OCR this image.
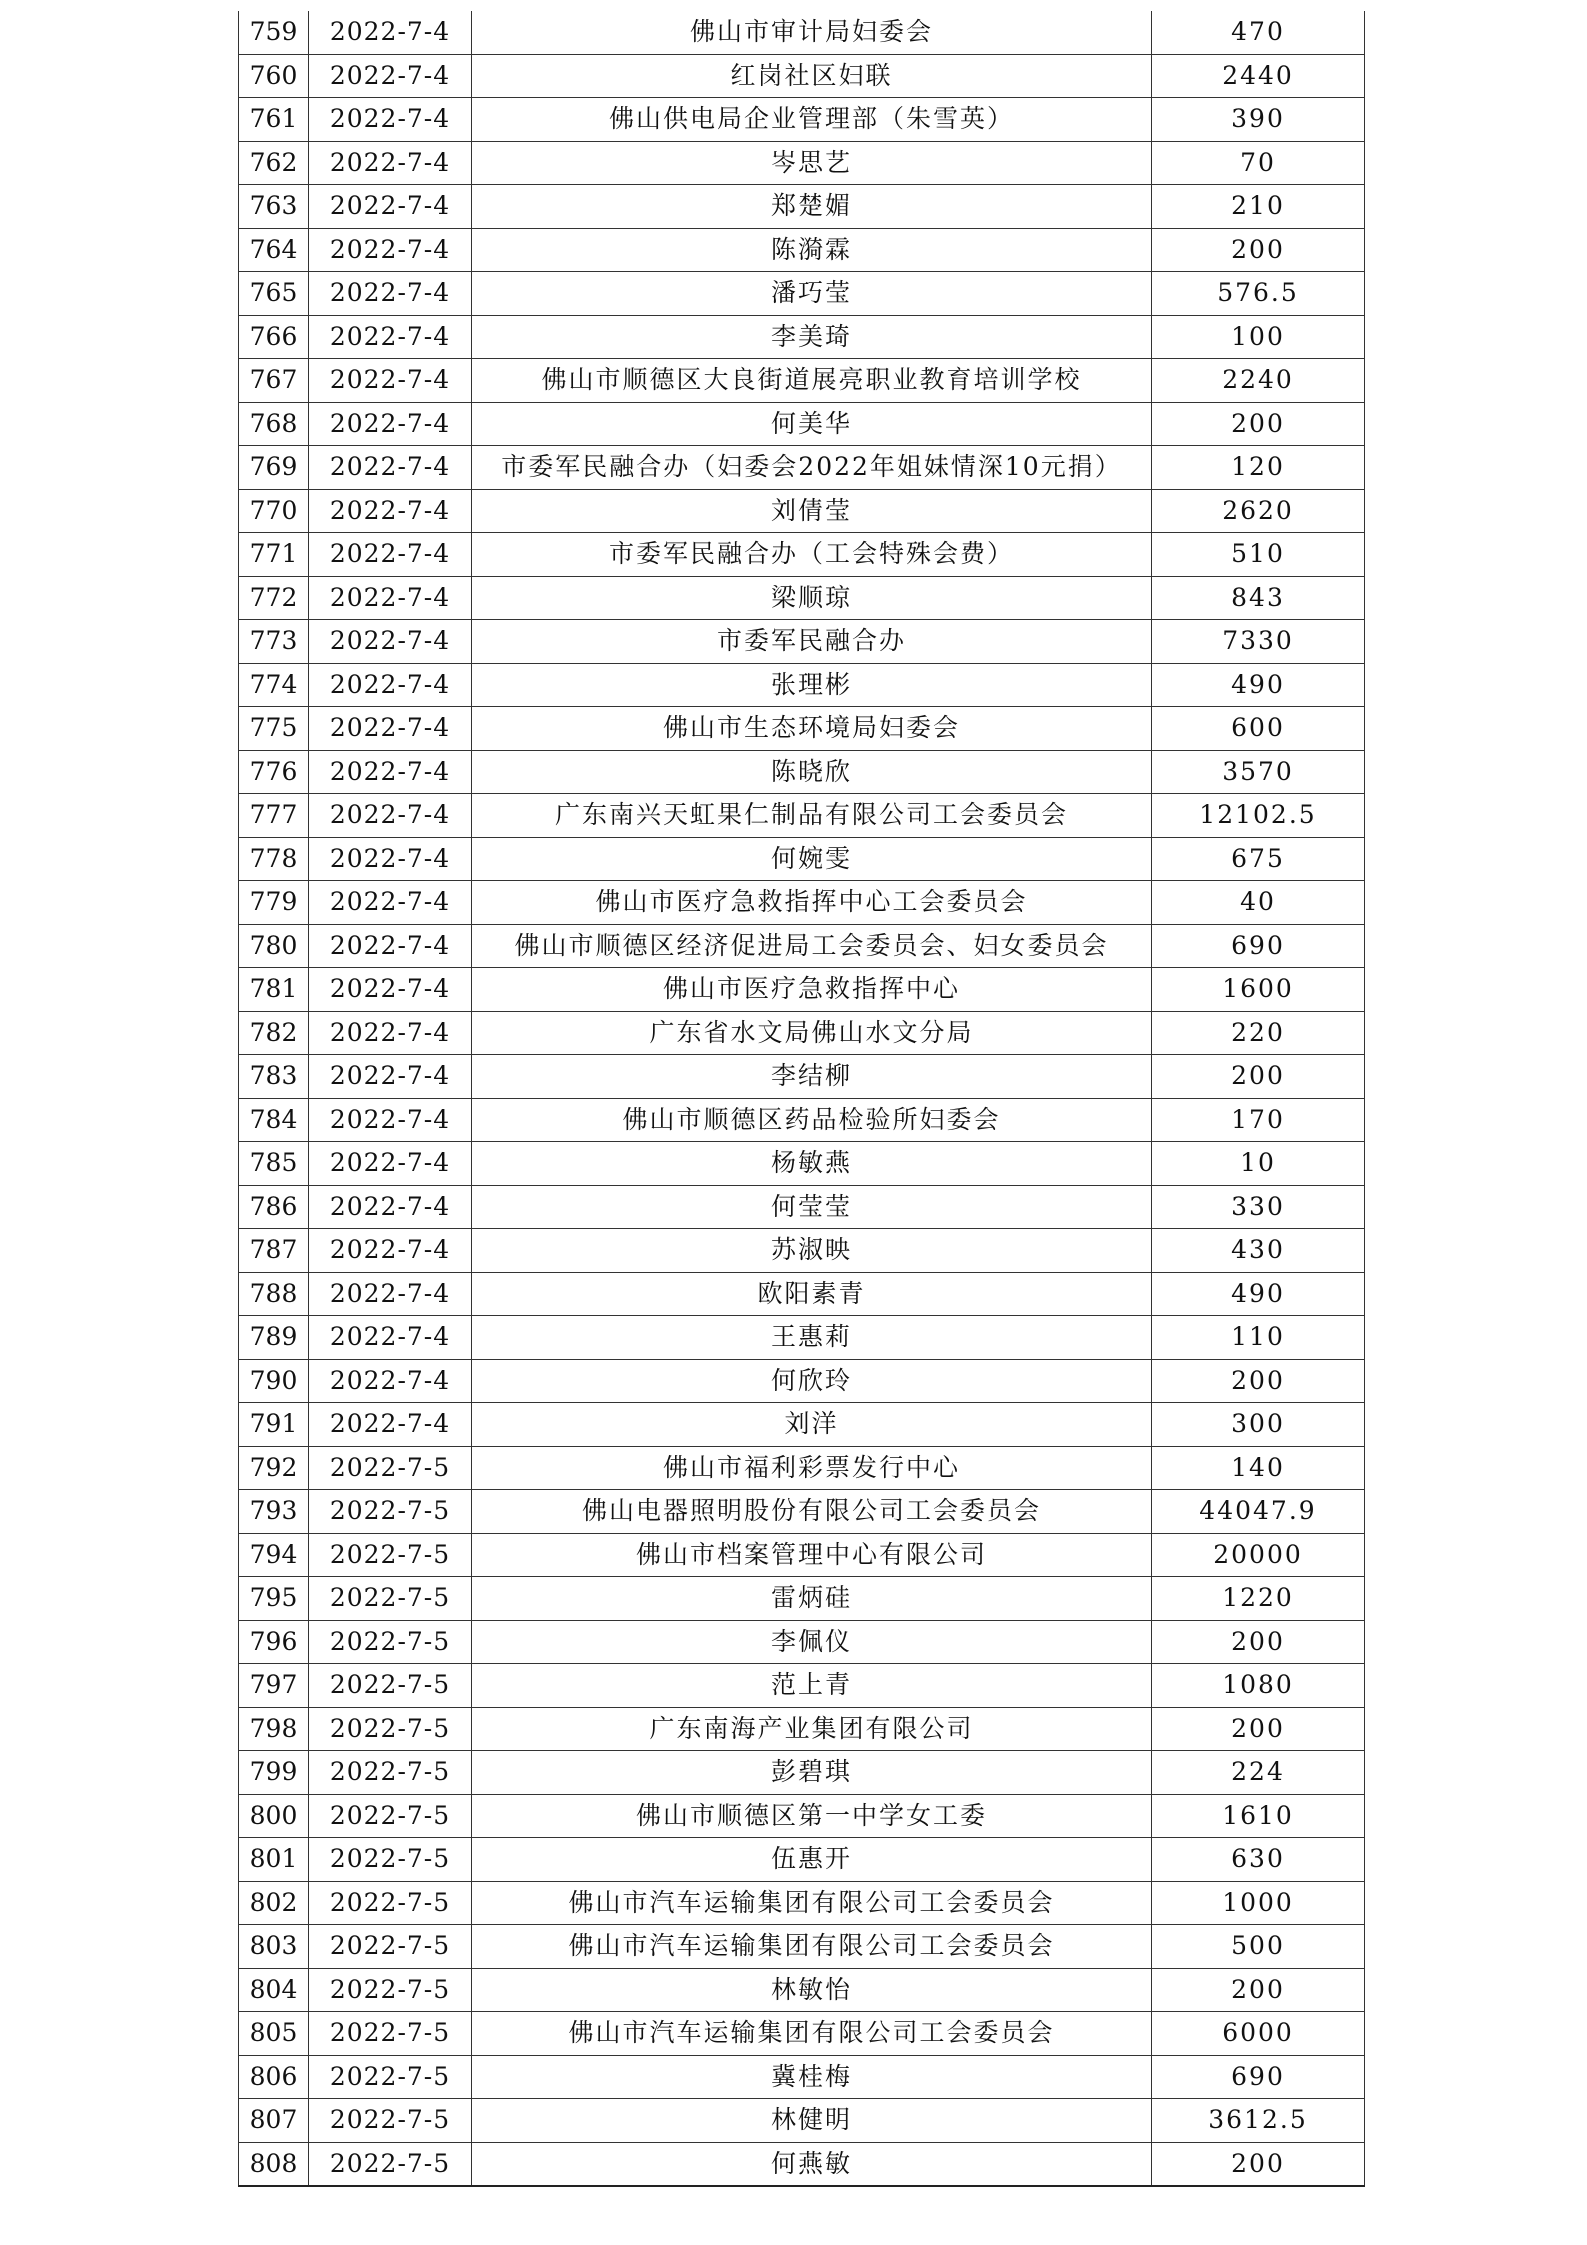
759	2022-7-4	佛山市审计局妇委会	470
760	2022-7-4	红岗社区妇联	2440
761	2022-7-4	佛山供电局企业管理部（朱雪英）	390
762	2022-7-4	岑思艺	70
763	2022-7-4	郑楚媚	210
764	2022-7-4	陈漪霖	200
765	2022-7-4	潘巧莹	576.5
766	2022-7-4	李美琦	100
767	2022-7-4	佛山市顺德区大良街道展亮职业教育培训学校	2240
768	2022-7-4	何美华	200
769	2022-7-4	市委军民融合办（妇委会2022年姐妹情深10元捐）	120
770	2022-7-4	刘倩莹	2620
771	2022-7-4	市委军民融合办（工会特殊会费）	510
772	2022-7-4	梁顺琼	843
773	2022-7-4	市委军民融合办	7330
774	2022-7-4	张理彬	490
775	2022-7-4	佛山市生态环境局妇委会	600
776	2022-7-4	陈晓欣	3570
777	2022-7-4	广东南兴天虹果仁制品有限公司工会委员会	12102.5
778	2022-7-4	何婉雯	675
779	2022-7-4	佛山市医疗急救指挥中心工会委员会	40
780	2022-7-4	佛山市顺德区经济促进局工会委员会、妇女委员会	690
781	2022-7-4	佛山市医疗急救指挥中心	1600
782	2022-7-4	广东省水文局佛山水文分局	220
783	2022-7-4	李结柳	200
784	2022-7-4	佛山市顺德区药品检验所妇委会	170
785	2022-7-4	杨敏燕	10
786	2022-7-4	何莹莹	330
787	2022-7-4	苏淑映	430
788	2022-7-4	欧阳素青	490
789	2022-7-4	王惠莉	110
790	2022-7-4	何欣玲	200
791	2022-7-4	刘洋	300
792	2022-7-5	佛山市福利彩票发行中心	140
793	2022-7-5	佛山电器照明股份有限公司工会委员会	44047.9
794	2022-7-5	佛山市档案管理中心有限公司	20000
795	2022-7-5	雷炳硅	1220
796	2022-7-5	李佩仪	200
797	2022-7-5	范上青	1080
798	2022-7-5	广东南海产业集团有限公司	200
799	2022-7-5	彭碧琪	224
800	2022-7-5	佛山市顺德区第一中学女工委	1610
801	2022-7-5	伍惠开	630
802	2022-7-5	佛山市汽车运输集团有限公司工会委员会	1000
803	2022-7-5	佛山市汽车运输集团有限公司工会委员会	500
804	2022-7-5	林敏怡	200
805	2022-7-5	佛山市汽车运输集团有限公司工会委员会	6000
806	2022-7-5	冀桂梅	690
807	2022-7-5	林健明	3612.5
808	2022-7-5	何燕敏	200
